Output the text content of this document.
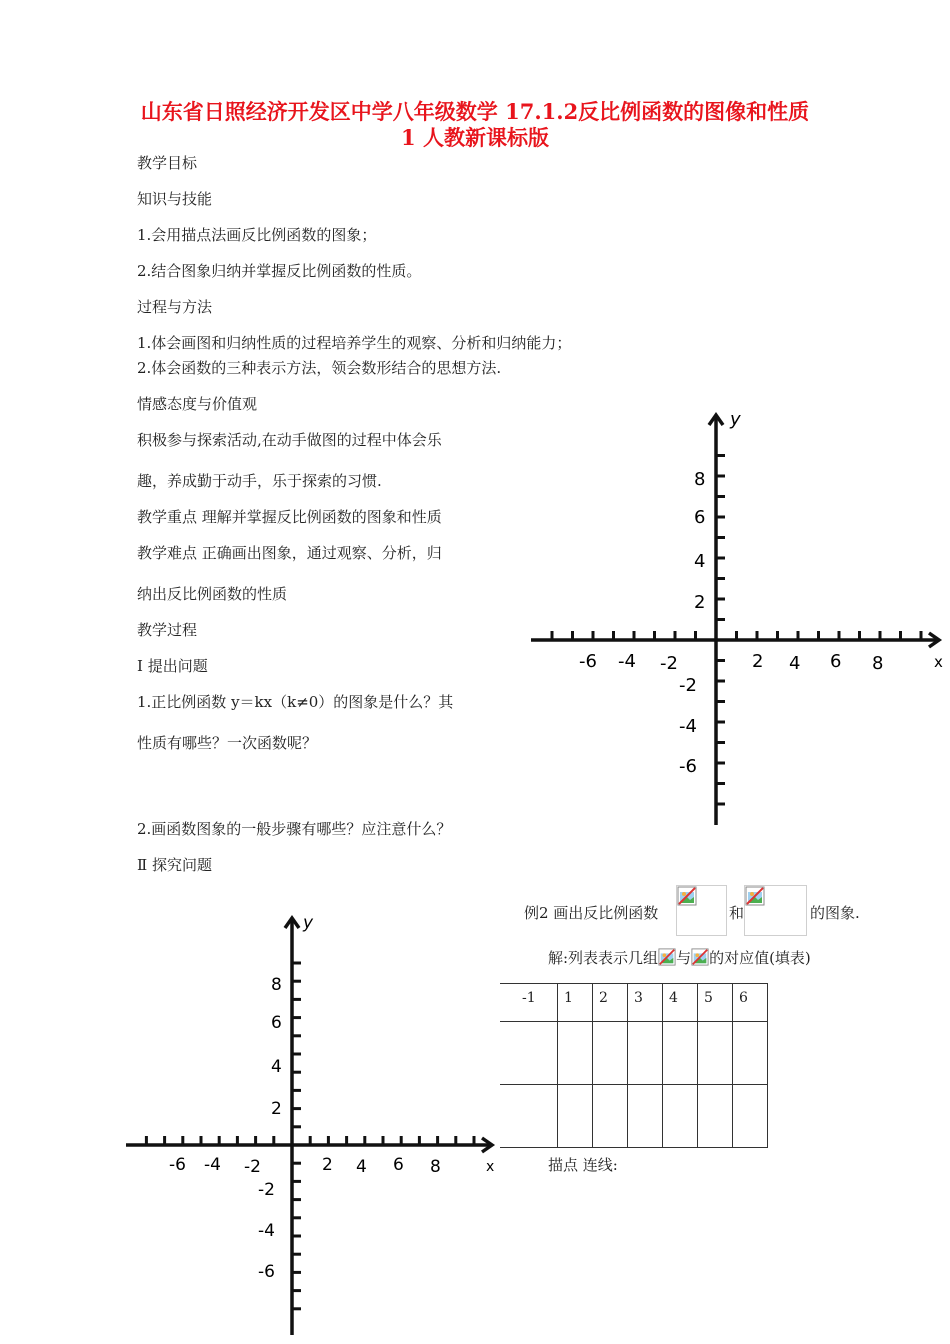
山东省日照经济开发区中学八年级数学 17.1.2反比例函数的图像和性质
1 人教新课标版
教学目标
知识与技能
1.会用描点法画反比例函数的图象；
2.结合图象归纳并掌握反比例函数的性质。
过程与方法
1.体会画图和归纳性质的过程培养学生的观察、分析和归纳能力；
2.体会函数的三种表示方法，领会数形结合的思想方法.
情感态度与价值观
积极参与探索活动,在动手做图的过程中体会乐
趣，养成勤于动手，乐于探索的习惯.
教学重点 理解并掌握反比例函数的图象和性质
教学难点 正确画出图象，通过观察、分析，归
纳出反比例函数的性质
教学过程
Ⅰ 提出问题
1.正比例函数 y＝kx（k≠0）的图象是什么？其
性质有哪些？一次函数呢？
2.画函数图象的一般步骤有哪些？应注意什么？
Ⅱ 探究问题
y
x
-6 -4 -2	2 4 6 8
8
6
4
2
-2
-4
-6
y
x
-6 -4 -2	2 4 6 8
8
6
4
2
-2
-4
-6
例2 画出反比例函数	和	的图象.
解:列表表示几组 与 的对应值(填表)
-1	1	2	3	4	5	6

描点 连线:
